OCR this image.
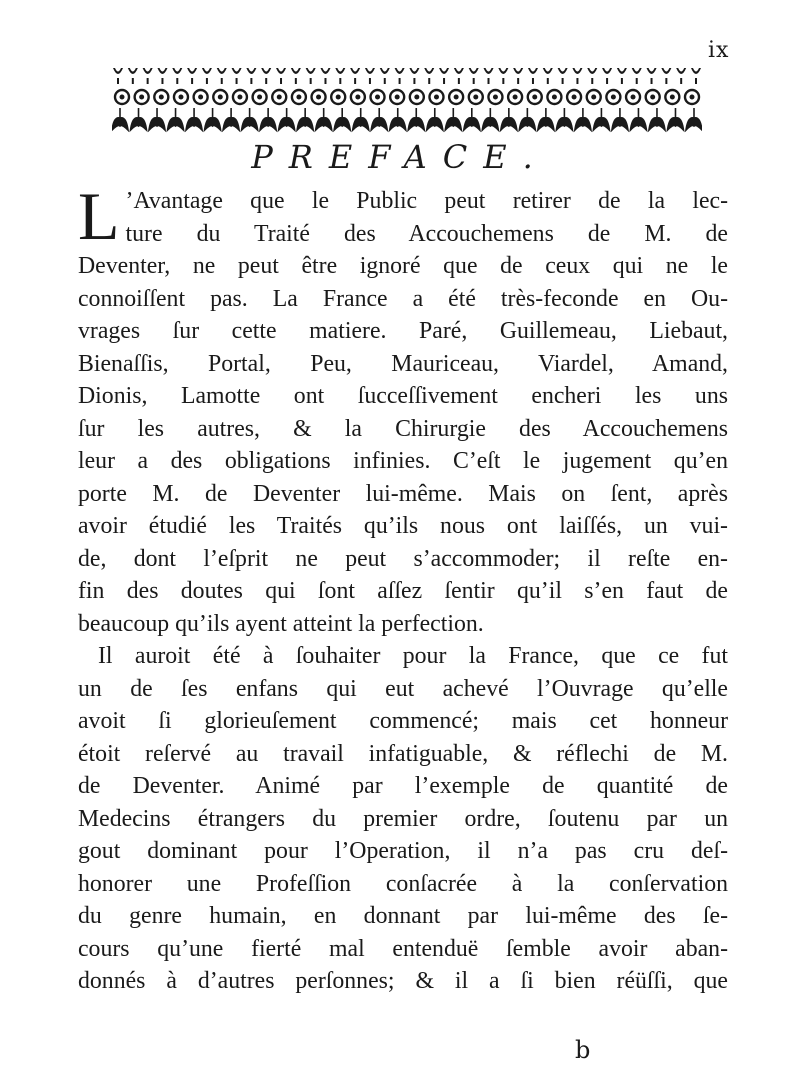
ix
PREFACE.

L ’Avantage que le Public peut retirer de la lec-
ture du Traité des Accouchemens de M. de
Deventer, ne peut être ignoré que de ceux qui ne le
connoiſſent pas. La France a été très-feconde en Ou-
vrages ſur cette matiere. Paré, Guillemeau, Liebaut,
Bienaſſis, Portal, Peu, Mauriceau, Viardel, Amand,
Dionis, Lamotte ont ſucceſſivement encheri les uns
ſur les autres, & la Chirurgie des Accouchemens
leur a des obligations infinies. C’eſt le jugement qu’en
porte M. de Deventer lui-même. Mais on ſent, après
avoir étudié les Traités qu’ils nous ont laiſſés, un vui-
de, dont l’eſprit ne peut s’accommoder; il reſte en-
fin des doutes qui ſont aſſez ſentir qu’il s’en faut de
beaucoup qu’ils ayent atteint la perfection.

Il auroit été à ſouhaiter pour la France, que ce fut
un de ſes enfans qui eut achevé l’Ouvrage qu’elle
avoit ſi glorieuſement commencé; mais cet honneur
étoit reſervé au travail infatiguable, & réflechi de M.
de Deventer. Animé par l’exemple de quantité de
Medecins étrangers du premier ordre, ſoutenu par un
gout dominant pour l’Operation, il n’a pas cru deſ-
honorer une Profeſſion conſacrée à la conſervation
du genre humain, en donnant par lui-même des ſe-
cours qu’une fierté mal entenduë ſemble avoir aban-
donnés à d’autres perſonnes; & il a ſi bien réüſſi, que

b
